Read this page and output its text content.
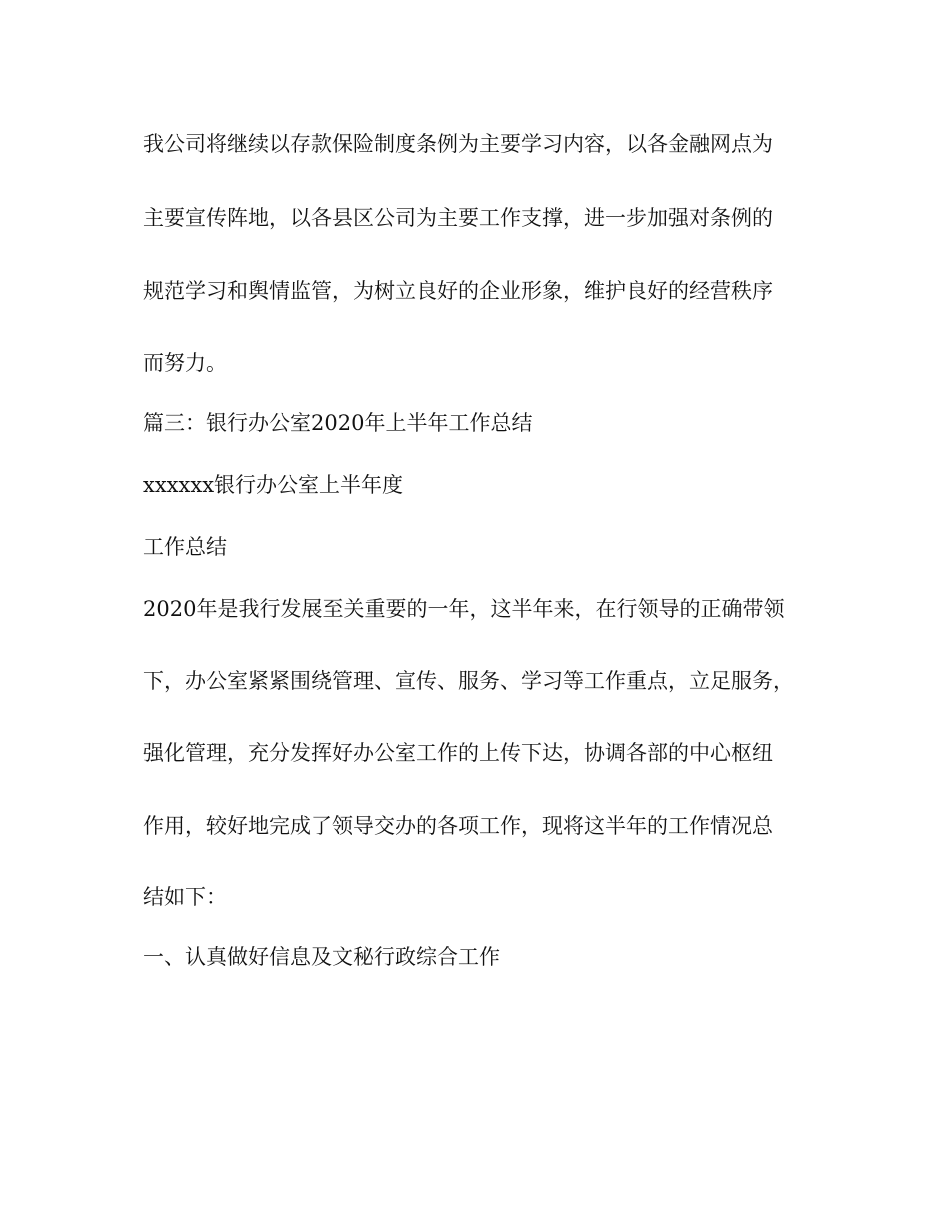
我公司将继续以存款保险制度条例为主要学习内容，以各金融网点为
主要宣传阵地，以各县区公司为主要工作支撑，进一步加强对条例的
规范学习和舆情监管，为树立良好的企业形象，维护良好的经营秩序
而努力。
篇三：银行办公室2020年上半年工作总结
xxxxxx银行办公室上半年度
工作总结
2020年是我行发展至关重要的一年，这半年来，在行领导的正确带领
下，办公室紧紧围绕管理、宣传、服务、学习等工作重点，立足服务，
强化管理，充分发挥好办公室工作的上传下达，协调各部的中心枢纽
作用，较好地完成了领导交办的各项工作，现将这半年的工作情况总
结如下：
一、认真做好信息及文秘行政综合工作
